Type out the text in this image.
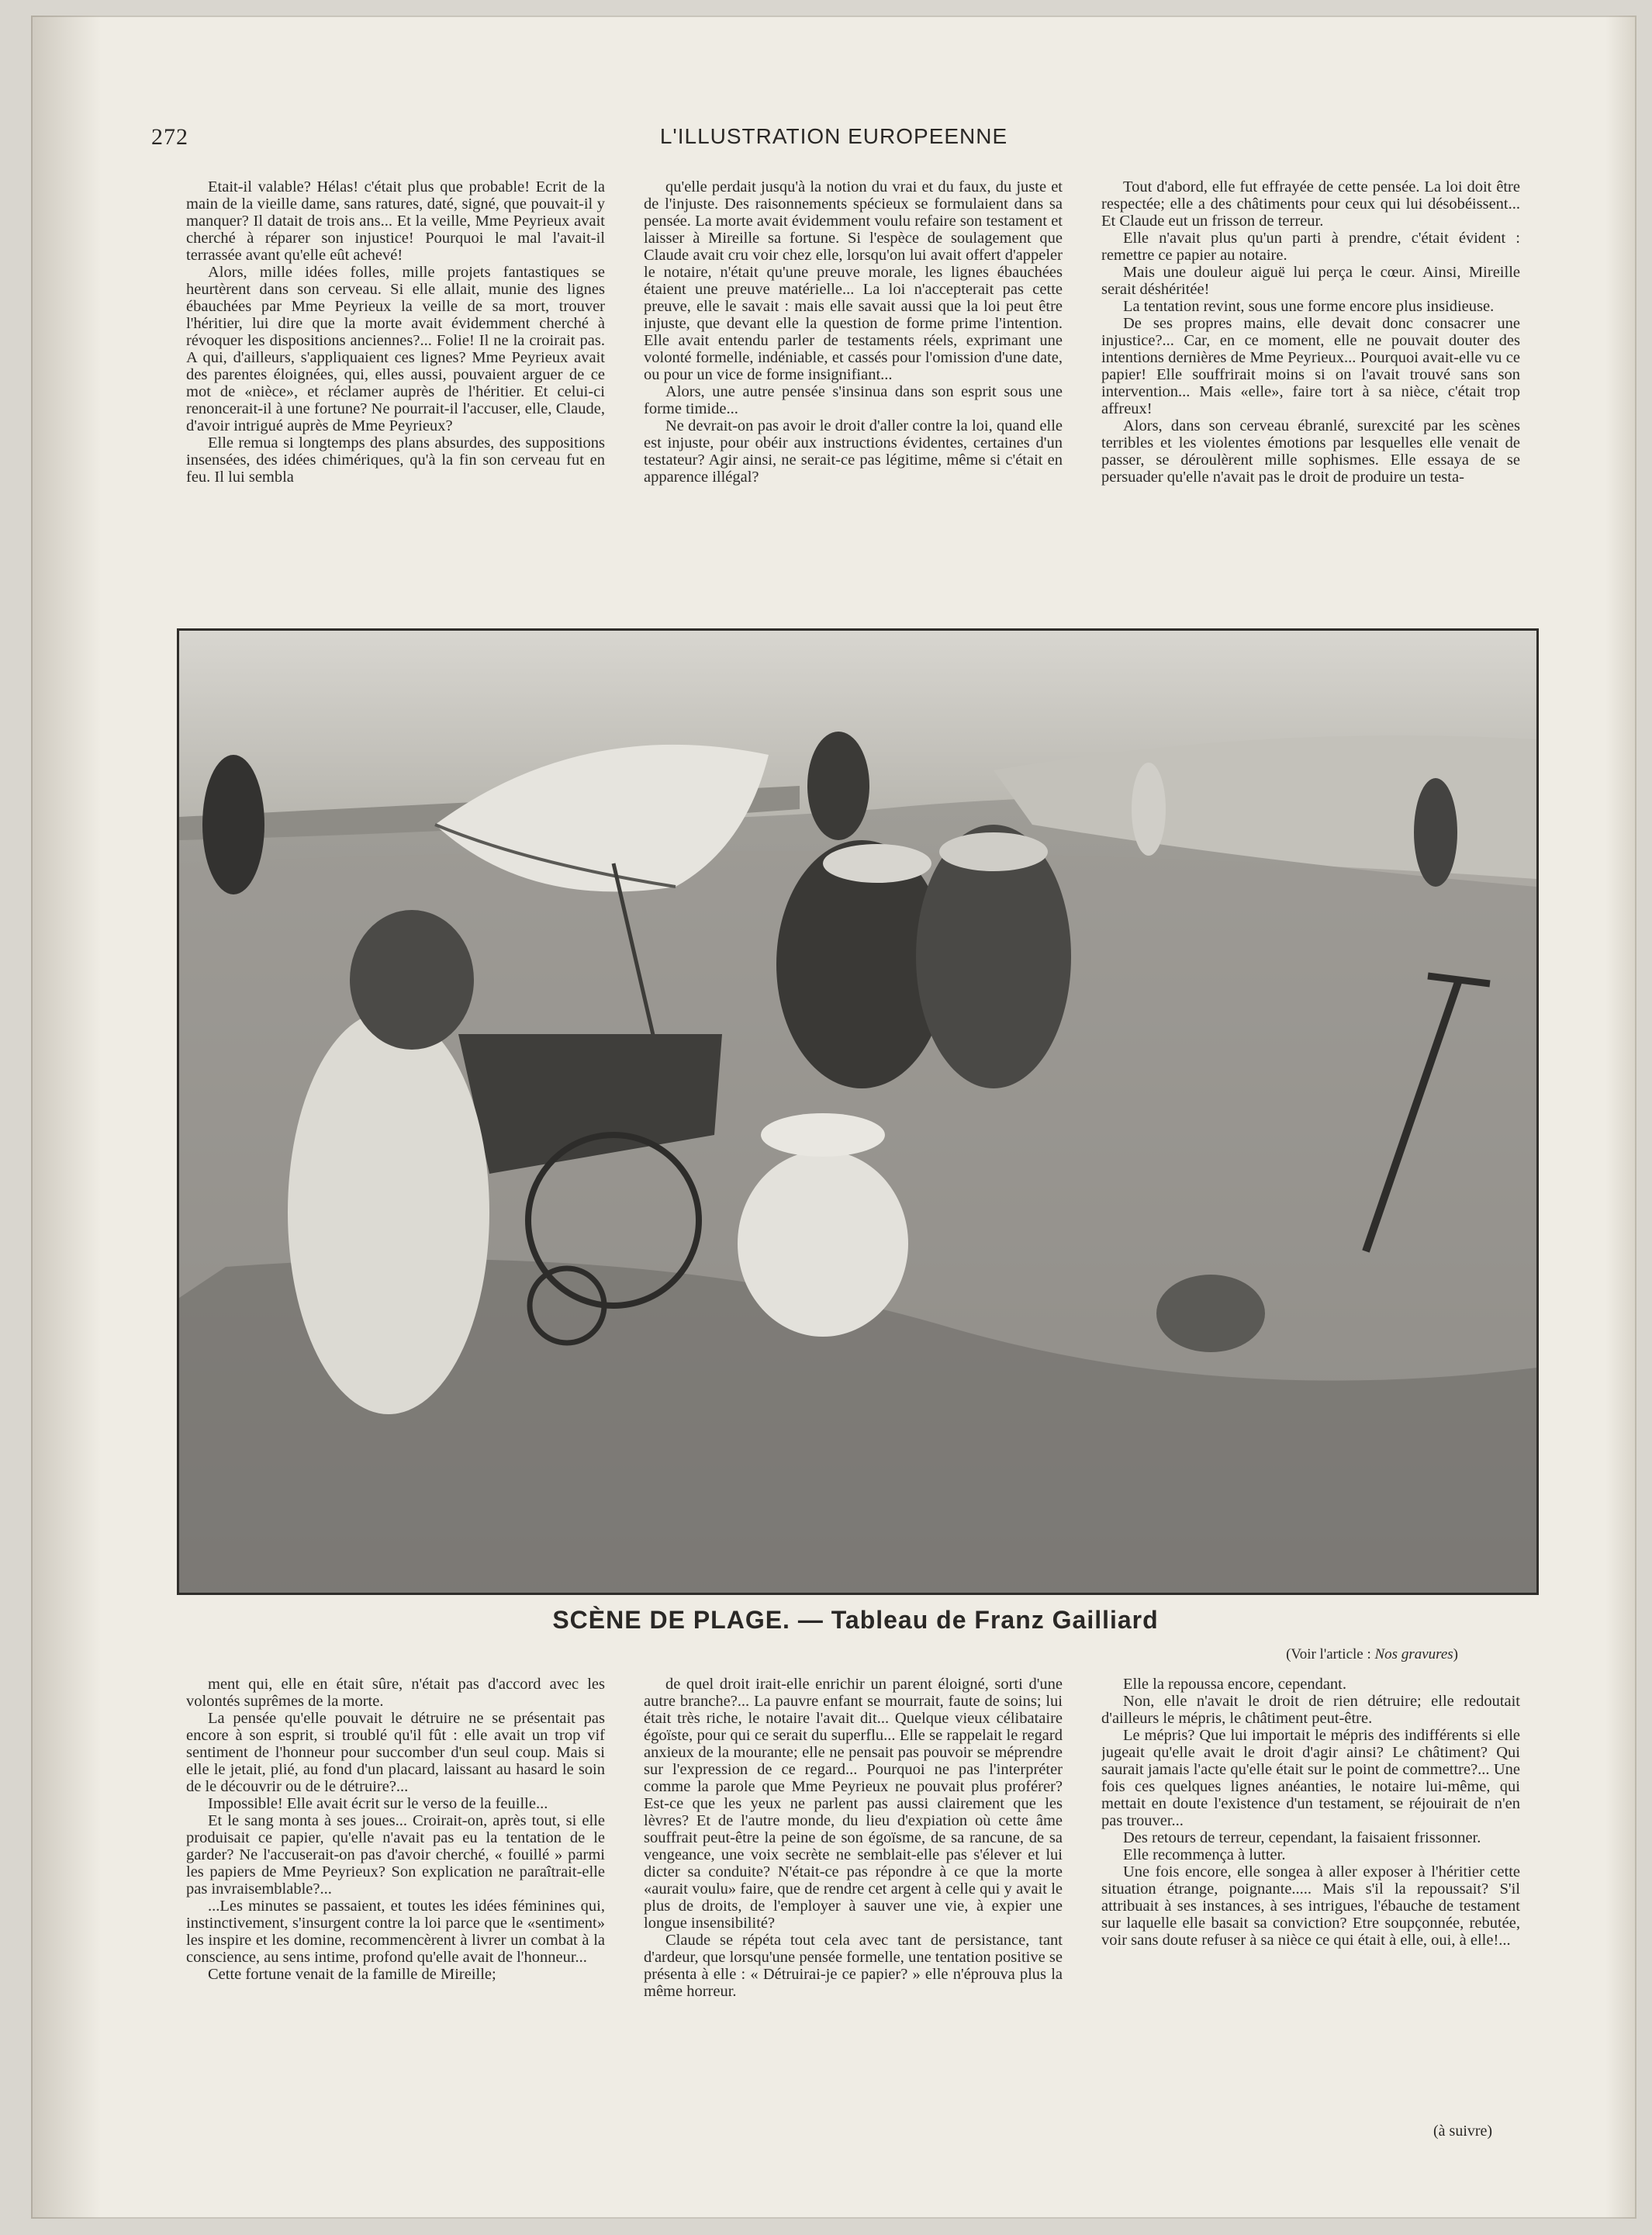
272	L'ILLUSTRATION EUROPEENNE

Etait-il valable? Hélas! c'était plus que probable! Ecrit de la main de la vieille dame, sans ratures, daté, signé, que pouvait-il y manquer? Il datait de trois ans... Et la veille, Mme Peyrieux avait cherché à réparer son injustice! Pourquoi le mal l'avait-il terrassée avant qu'elle eût achevé!

Alors, mille idées folles, mille projets fantastiques se heurtèrent dans son cerveau. Si elle allait, munie des lignes ébauchées par Mme Peyrieux la veille de sa mort, trouver l'héritier, lui dire que la morte avait évidemment cherché à révoquer les dispositions anciennes?... Folie! Il ne la croirait pas. A qui, d'ailleurs, s'appliquaient ces lignes? Mme Peyrieux avait des parentes éloignées, qui, elles aussi, pouvaient arguer de ce mot de «nièce», et réclamer auprès de l'héritier. Et celui-ci renoncerait-il à une fortune? Ne pourrait-il l'accuser, elle, Claude, d'avoir intrigué auprès de Mme Peyrieux?

Elle remua si longtemps des plans absurdes, des suppositions insensées, des idées chimériques, qu'à la fin son cerveau fut en feu. Il lui sembla

qu'elle perdait jusqu'à la notion du vrai et du faux, du juste et de l'injuste. Des raisonnements spécieux se formulaient dans sa pensée. La morte avait évidemment voulu refaire son testament et laisser à Mireille sa fortune. Si l'espèce de soulagement que Claude avait cru voir chez elle, lorsqu'on lui avait offert d'appeler le notaire, n'était qu'une preuve morale, les lignes ébauchées étaient une preuve matérielle... La loi n'accepterait pas cette preuve, elle le savait : mais elle savait aussi que la loi peut être injuste, que devant elle la question de forme prime l'intention. Elle avait entendu parler de testaments réels, exprimant une volonté formelle, indéniable, et cassés pour l'omission d'une date, ou pour un vice de forme insignifiant...

Alors, une autre pensée s'insinua dans son esprit sous une forme timide...

Ne devrait-on pas avoir le droit d'aller contre la loi, quand elle est injuste, pour obéir aux instructions évidentes, certaines d'un testateur? Agir ainsi, ne serait-ce pas légitime, même si c'était en apparence illégal?

Tout d'abord, elle fut effrayée de cette pensée. La loi doit être respectée; elle a des châtiments pour ceux qui lui désobéissent... Et Claude eut un frisson de terreur.

Elle n'avait plus qu'un parti à prendre, c'était évident : remettre ce papier au notaire.

Mais une douleur aiguë lui perça le cœur. Ainsi, Mireille serait déshéritée!

La tentation revint, sous une forme encore plus insidieuse.

De ses propres mains, elle devait donc consacrer une injustice?... Car, en ce moment, elle ne pouvait douter des intentions dernières de Mme Peyrieux... Pourquoi avait-elle vu ce papier! Elle souffrirait moins si on l'avait trouvé sans son intervention... Mais «elle», faire tort à sa nièce, c'était trop affreux!

Alors, dans son cerveau ébranlé, surexcité par les scènes terribles et les violentes émotions par lesquelles elle venait de passer, se déroulèrent mille sophismes. Elle essaya de se persuader qu'elle n'avait pas le droit de produire un testa-

SCÈNE DE PLAGE. — Tableau de Franz Gailliard
(Voir l'article : Nos gravures)

ment qui, elle en était sûre, n'était pas d'accord avec les volontés suprêmes de la morte.

La pensée qu'elle pouvait le détruire ne se présentait pas encore à son esprit, si troublé qu'il fût : elle avait un trop vif sentiment de l'honneur pour succomber d'un seul coup. Mais si elle le jetait, plié, au fond d'un placard, laissant au hasard le soin de le découvrir ou de le détruire?...

Impossible! Elle avait écrit sur le verso de la feuille...

Et le sang monta à ses joues... Croirait-on, après tout, si elle produisait ce papier, qu'elle n'avait pas eu la tentation de le garder? Ne l'accuserait-on pas d'avoir cherché, « fouillé » parmi les papiers de Mme Peyrieux? Son explication ne paraîtrait-elle pas invraisemblable?...

...Les minutes se passaient, et toutes les idées féminines qui, instinctivement, s'insurgent contre la loi parce que le «sentiment» les inspire et les domine, recommencèrent à livrer un combat à la conscience, au sens intime, profond qu'elle avait de l'honneur...

Cette fortune venait de la famille de Mireille;

de quel droit irait-elle enrichir un parent éloigné, sorti d'une autre branche?... La pauvre enfant se mourrait, faute de soins; lui était très riche, le notaire l'avait dit... Quelque vieux célibataire égoïste, pour qui ce serait du superflu... Elle se rappelait le regard anxieux de la mourante; elle ne pensait pas pouvoir se méprendre sur l'expression de ce regard... Pourquoi ne pas l'interpréter comme la parole que Mme Peyrieux ne pouvait plus proférer? Est-ce que les yeux ne parlent pas aussi clairement que les lèvres? Et de l'autre monde, du lieu d'expiation où cette âme souffrait peut-être la peine de son égoïsme, de sa rancune, de sa vengeance, une voix secrète ne semblait-elle pas s'élever et lui dicter sa conduite? N'était-ce pas répondre à ce que la morte «aurait voulu» faire, que de rendre cet argent à celle qui y avait le plus de droits, de l'employer à sauver une vie, à expier une longue insensibilité?

Claude se répéta tout cela avec tant de persistance, tant d'ardeur, que lorsqu'une pensée formelle, une tentation positive se présenta à elle : « Détruirai-je ce papier? » elle n'éprouva plus la même horreur.

Elle la repoussa encore, cependant.

Non, elle n'avait le droit de rien détruire; elle redoutait d'ailleurs le mépris, le châtiment peut-être.

Le mépris? Que lui importait le mépris des indifférents si elle jugeait qu'elle avait le droit d'agir ainsi? Le châtiment? Qui saurait jamais l'acte qu'elle était sur le point de commettre?... Une fois ces quelques lignes anéanties, le notaire lui-même, qui mettait en doute l'existence d'un testament, se réjouirait de n'en pas trouver...

Des retours de terreur, cependant, la faisaient frissonner.

Elle recommença à lutter.

Une fois encore, elle songea à aller exposer à l'héritier cette situation étrange, poignante..... Mais s'il la repoussait? S'il attribuait à ses instances, à ses intrigues, l'ébauche de testament sur laquelle elle basait sa conviction? Etre soupçonnée, rebutée, voir sans doute refuser à sa nièce ce qui était à elle, oui, à elle!...

(à suivre)
